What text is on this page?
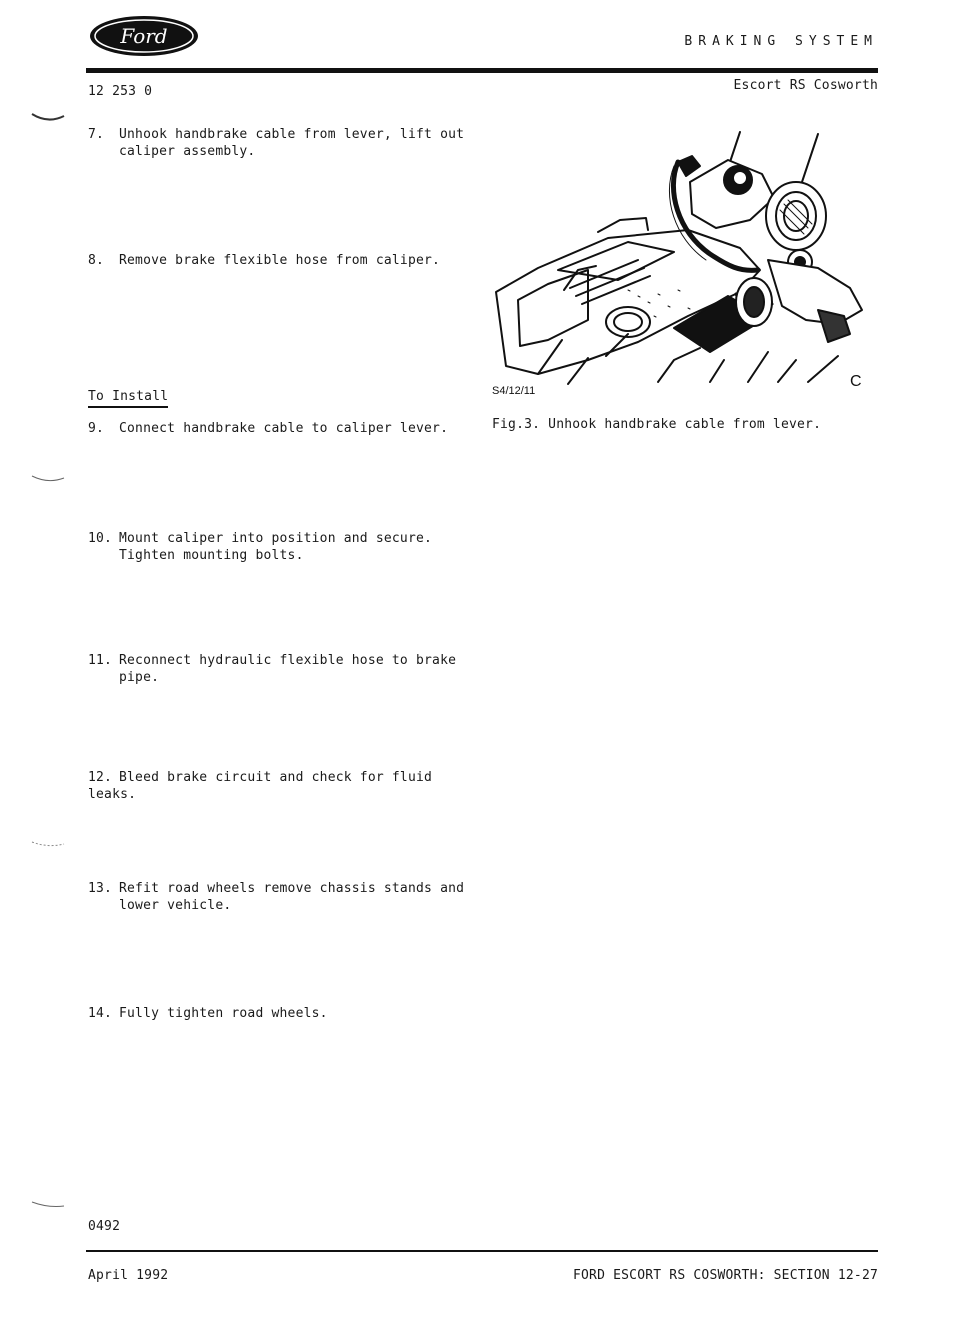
Ford	BRAKING SYSTEM
12 253 0	Escort RS Cosworth
7. Unhook handbrake cable from lever, lift out
caliper assembly.
8. Remove brake flexible hose from caliper.
To Install
9. Connect handbrake cable to caliper lever.
10. Mount caliper into position and secure.
Tighten mounting bolts.
11. Reconnect hydraulic flexible hose to brake
pipe.
12. Bleed brake circuit and check for fluid leaks.
13. Refit road wheels remove chassis stands and
lower vehicle.
14. Fully tighten road wheels.
S4/12/11
C
Fig.3. Unhook handbrake cable from lever.
0492
April 1992	FORD ESCORT RS COSWORTH: SECTION 12-27
